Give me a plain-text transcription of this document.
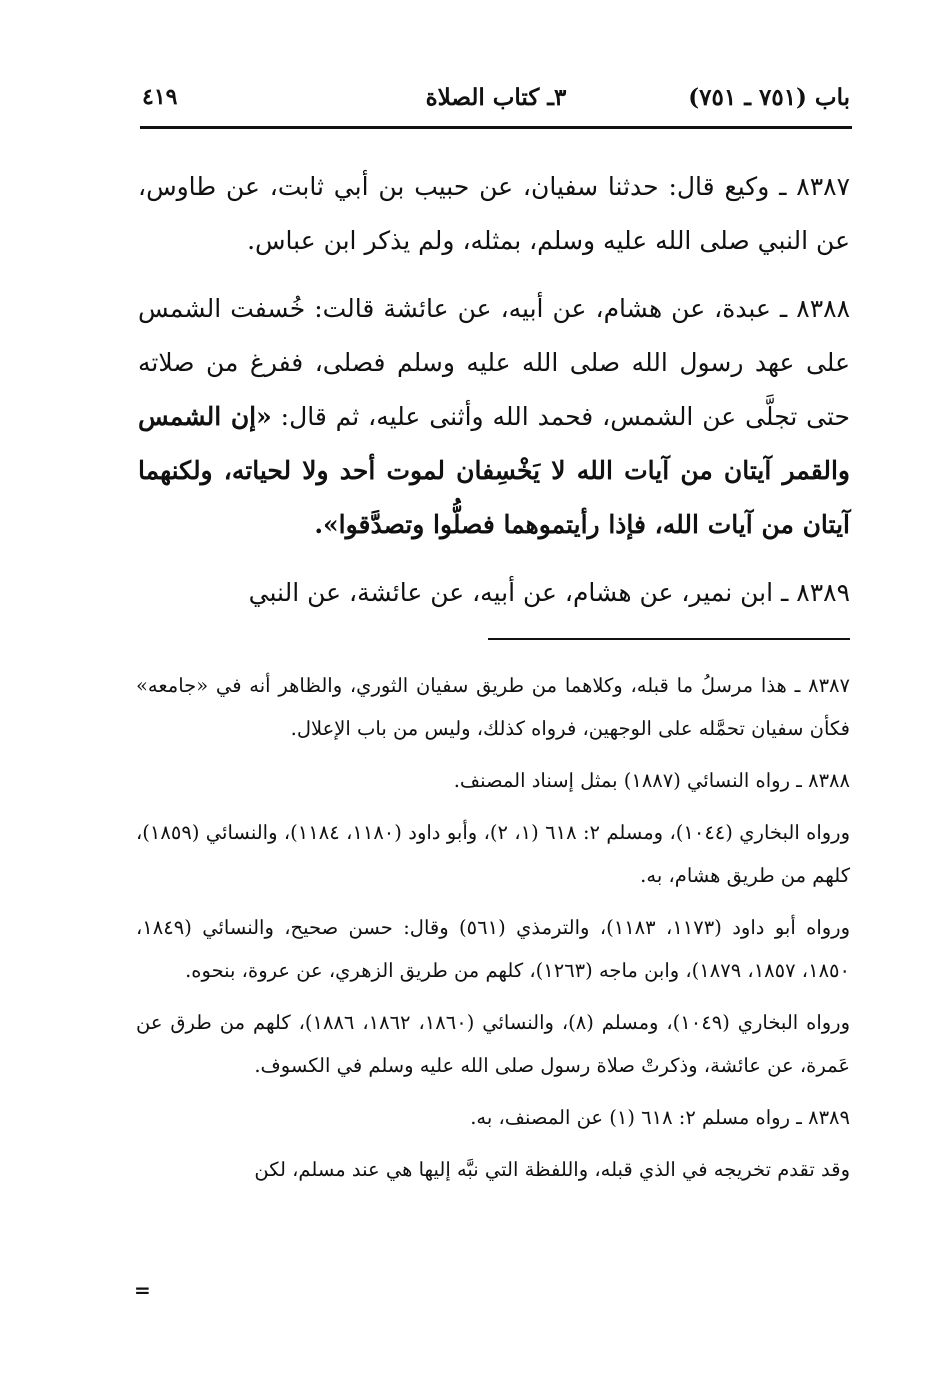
٤١٩	٣ـ كتاب الصلاة	باب (٧٥١ ـ ٧٥١)

٨٣٨٧ ـ وكيع قال: حدثنا سفيان، عن حبيب بن أبي ثابت، عن طاوس، عن النبي صلى الله عليه وسلم، بمثله، ولم يذكر ابن عباس.

٨٣٨٨ ـ عبدة، عن هشام، عن أبيه، عن عائشة قالت: خُسفت الشمس على عهد رسول الله صلى الله عليه وسلم فصلى، ففرغ من صلاته حتى تجلَّى عن الشمس، فحمد الله وأثنى عليه، ثم قال: «إن الشمس والقمر آيتان من آيات الله لا يَخْسِفان لموت أحد ولا لحياته، ولكنهما آيتان من آيات الله، فإذا رأيتموهما فصلُّوا وتصدَّقوا».

٨٣٨٩ ـ ابن نمير، عن هشام، عن أبيه، عن عائشة، عن النبي

٨٣٨٧ ـ هذا مرسلُ ما قبله، وكلاهما من طريق سفيان الثوري، والظاهر أنه في «جامعه» فكأن سفيان تحمَّله على الوجهين، فرواه كذلك، وليس من باب الإعلال.

٨٣٨٨ ـ رواه النسائي (١٨٨٧) بمثل إسناد المصنف.

ورواه البخاري (١٠٤٤)، ومسلم ٢: ٦١٨ (١، ٢)، وأبو داود (١١٨٠، ١١٨٤)، والنسائي (١٨٥٩)، كلهم من طريق هشام، به.

ورواه أبو داود (١١٧٣، ١١٨٣)، والترمذي (٥٦١) وقال: حسن صحيح، والنسائي (١٨٤٩، ١٨٥٠، ١٨٥٧، ١٨٧٩)، وابن ماجه (١٢٦٣)، كلهم من طريق الزهري، عن عروة، بنحوه.

ورواه البخاري (١٠٤٩)، ومسلم (٨)، والنسائي (١٨٦٠، ١٨٦٢، ١٨٨٦)، كلهم من طرق عن عَمرة، عن عائشة، وذكرتْ صلاة رسول صلى الله عليه وسلم في الكسوف.

٨٣٨٩ ـ رواه مسلم ٢: ٦١٨ (١) عن المصنف، به.

وقد تقدم تخريجه في الذي قبله، واللفظة التي نبَّه إليها هي عند مسلم، لكن

=
